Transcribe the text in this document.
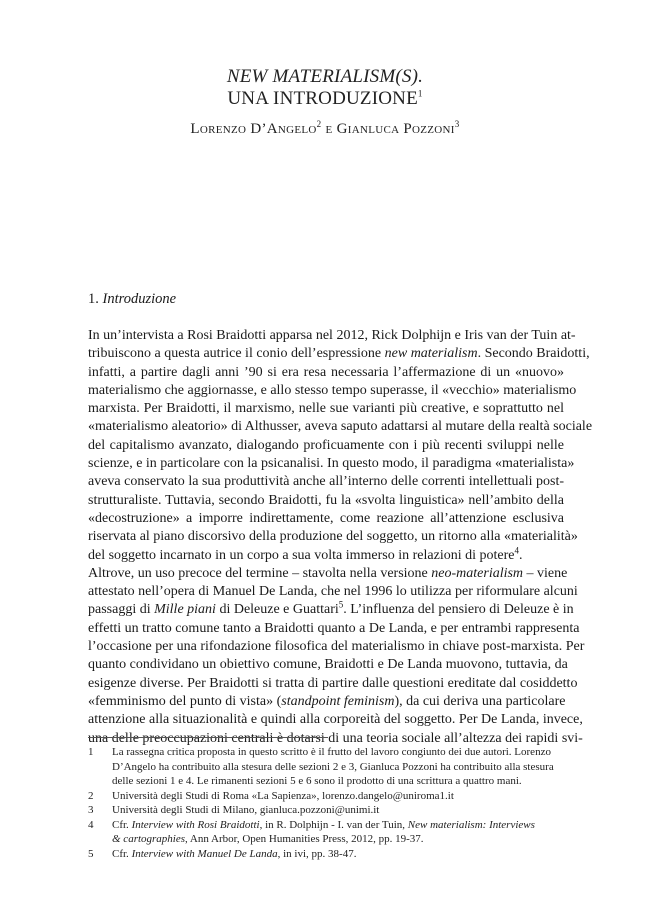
NEW MATERIALISM(S).
UNA INTRODUZIONE$^1$
Lorenzo D’Angelo$^2$ e Gianluca Pozzoni$^3$
1. Introduzione

In un’intervista a Rosi Braidotti apparsa nel 2012, Rick Dolphijn e Iris van der Tuin at-
tribuiscono a questa autrice il conio dell’espressione new materialism. Secondo Braidotti,
infatti, a partire dagli anni ’90 si era resa necessaria l’affermazione di un «nuovo»
materialismo che aggiornasse, e allo stesso tempo superasse, il «vecchio» materialismo
marxista. Per Braidotti, il marxismo, nelle sue varianti più creative, e soprattutto nel
«materialismo aleatorio» di Althusser, aveva saputo adattarsi al mutare della realtà sociale
del capitalismo avanzato, dialogando proficuamente con i più recenti sviluppi nelle
scienze, e in particolare con la psicanalisi. In questo modo, il paradigma «materialista»
aveva conservato la sua produttività anche all’interno delle correnti intellettuali post-
strutturaliste. Tuttavia, secondo Braidotti, fu la «svolta linguistica» nell’ambito della
«decostruzione» a imporre indirettamente, come reazione all’attenzione esclusiva
riservata al piano discorsivo della produzione del soggetto, un ritorno alla «materialità»
del soggetto incarnato in un corpo a sua volta immerso in relazioni di potere$^4$.

Altrove, un uso precoce del termine – stavolta nella versione neo-materialism – viene
attestato nell’opera di Manuel De Landa, che nel 1996 lo utilizza per riformulare alcuni
passaggi di Mille piani di Deleuze e Guattari$^5$. L’influenza del pensiero di Deleuze è in
effetti un tratto comune tanto a Braidotti quanto a De Landa, e per entrambi rappresenta
l’occasione per una rifondazione filosofica del materialismo in chiave post-marxista. Per
quanto condividano un obiettivo comune, Braidotti e De Landa muovono, tuttavia, da
esigenze diverse. Per Braidotti si tratta di partire dalle questioni ereditate dal cosiddetto
«femminismo del punto di vista» (standpoint feminism), da cui deriva una particolare
attenzione alla situazionalità e quindi alla corporeità del soggetto. Per De Landa, invece,
una delle preoccupazioni centrali è dotarsi di una teoria sociale all’altezza dei rapidi svi-

1 La rassegna critica proposta in questo scritto è il frutto del lavoro congiunto dei due autori. Lorenzo
D’Angelo ha contribuito alla stesura delle sezioni 2 e 3, Gianluca Pozzoni ha contribuito alla stesura
delle sezioni 1 e 4. Le rimanenti sezioni 5 e 6 sono il prodotto di una scrittura a quattro mani.
2 Università degli Studi di Roma «La Sapienza», lorenzo.dangelo@uniroma1.it
3 Università degli Studi di Milano, gianluca.pozzoni@unimi.it
4 Cfr. Interview with Rosi Braidotti, in R. Dolphijn - I. van der Tuin, New materialism: Interviews
& cartographies, Ann Arbor, Open Humanities Press, 2012, pp. 19-37.
5 Cfr. Interview with Manuel De Landa, in ivi, pp. 38-47.
